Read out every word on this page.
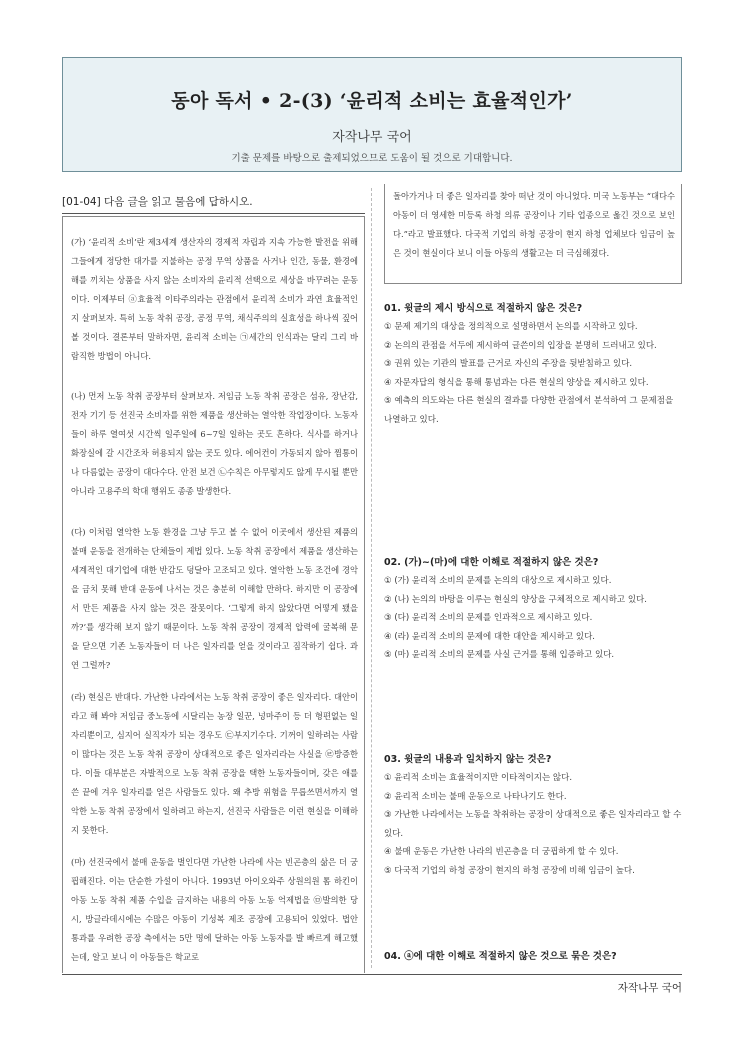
동아 독서 • 2-(3) ‘윤리적 소비는 효율적인가’
자작나무 국어
기출 문제를 바탕으로 출제되었으므로 도움이 될 것으로 기대합니다.
[01-04] 다음 글을 읽고 물음에 답하시오.

(가) ‘윤리적 소비’란 제3세계 생산자의 경제적 자립과 지속 가능한 발전을 위해 그들에게 정당한 대가를 지불하는 공정 무역 상품을 사거나 인간, 동물, 환경에 해를 끼치는 상품을 사지 않는 소비자의 윤리적 선택으로 세상을 바꾸려는 운동이다. 이제부터 ⓐ효율적 이타주의라는 관점에서 윤리적 소비가 과연 효율적인지 살펴보자. 특히 노동 착취 공장, 공정 무역, 채식주의의 실효성을 하나씩 짚어 볼 것이다. 결론부터 말하자면, 윤리적 소비는 ㉠세간의 인식과는 달리 그리 바람직한 방법이 아니다.

(나) 먼저 노동 착취 공장부터 살펴보자. 저임금 노동 착취 공장은 섬유, 장난감, 전자 기기 등 선진국 소비자를 위한 제품을 생산하는 열악한 작업장이다. 노동자들이 하루 열여섯 시간씩 일주일에 6~7일 일하는 곳도 흔하다. 식사를 하거나 화장실에 갈 시간조차 허용되지 않는 곳도 있다. 에어컨이 가동되지 않아 찜통이나 다름없는 공장이 대다수다. 안전 보건 ㉡수칙은 아무렇지도 않게 무시될 뿐만 아니라 고용주의 학대 행위도 종종 발생한다.

(다) 이처럼 열악한 노동 환경을 그냥 두고 볼 수 없어 이곳에서 생산된 제품의 불매 운동을 전개하는 단체들이 제법 있다. 노동 착취 공장에서 제품을 생산하는 세계적인 대기업에 대한 반감도 덩달아 고조되고 있다. 열악한 노동 조건에 경악을 금치 못해 반대 운동에 나서는 것은 충분히 이해할 만하다. 하지만 이 공장에서 만든 제품을 사지 않는 것은 잘못이다. ‘그렇게 하지 않았다면 어떻게 됐을까?’를 생각해 보지 않기 때문이다. 노동 착취 공장이 경제적 압력에 굴복해 문을 닫으면 기존 노동자들이 더 나은 일자리를 얻을 것이라고 짐작하기 쉽다. 과연 그럴까?

(라) 현실은 반대다. 가난한 나라에서는 노동 착취 공장이 좋은 일자리다. 대안이라고 해 봐야 저임금 중노동에 시달리는 농장 일꾼, 넝마주이 등 더 형편없는 일자리뿐이고, 심지어 실직자가 되는 경우도 ㉢부지기수다. 기꺼이 일하려는 사람이 많다는 것은 노동 착취 공장이 상대적으로 좋은 일자리라는 사실을 ㉣방증한다. 이들 대부분은 자발적으로 노동 착취 공장을 택한 노동자들이며, 갖은 애를 쓴 끝에 겨우 일자리를 얻은 사람들도 있다. 왜 추방 위험을 무릅쓰면서까지 열악한 노동 착취 공장에서 일하려고 하는지, 선진국 사람들은 이런 현실을 이해하지 못한다.

(마) 선진국에서 불매 운동을 벌인다면 가난한 나라에 사는 빈곤층의 삶은 더 궁핍해진다. 이는 단순한 가설이 아니다. 1993년 아이오와주 상원의원 톰 하킨이 아동 노동 착취 제품 수입을 금지하는 내용의 아동 노동 억제법을 ㉤발의한 당시, 방글라데시에는 수많은 아동이 기성복 제조 공장에 고용되어 있었다. 법안 통과를 우려한 공장 측에서는 5만 명에 달하는 아동 노동자를 발 빠르게 해고했는데, 알고 보니 이 아동들은 학교로

돌아가거나 더 좋은 일자리를 찾아 떠난 것이 아니었다. 미국 노동부는 “대다수 아동이 더 영세한 미등록 하청 의류 공장이나 기타 업종으로 옮긴 것으로 보인다.”라고 발표했다. 다국적 기업의 하청 공장이 현지 하청 업체보다 임금이 높은 것이 현실이다 보니 이들 아동의 생활고는 더 극심해졌다.

01. 윗글의 제시 방식으로 적절하지 않은 것은?

① 문제 제기의 대상을 정의적으로 설명하면서 논의를 시작하고 있다.

② 논의의 관점을 서두에 제시하여 글쓴이의 입장을 분명히 드러내고 있다.

③ 권위 있는 기관의 발표를 근거로 자신의 주장을 뒷받침하고 있다.

④ 자문자답의 형식을 통해 통념과는 다른 현실의 양상을 제시하고 있다.

⑤ 예측의 의도와는 다른 현실의 결과를 다양한 관점에서 분석하여 그 문제점을 나열하고 있다.

02. (가)~(마)에 대한 이해로 적절하지 않은 것은?

① (가) 윤리적 소비의 문제를 논의의 대상으로 제시하고 있다.

② (나) 논의의 바탕을 이루는 현실의 양상을 구체적으로 제시하고 있다.

③ (다) 윤리적 소비의 문제를 인과적으로 제시하고 있다.

④ (라) 윤리적 소비의 문제에 대한 대안을 제시하고 있다.

⑤ (마) 윤리적 소비의 문제를 사실 근거를 통해 입증하고 있다.

03. 윗글의 내용과 일치하지 않는 것은?

① 윤리적 소비는 효율적이지만 이타적이지는 않다.

② 윤리적 소비는 불매 운동으로 나타나기도 한다.

③ 가난한 나라에서는 노동을 착취하는 공장이 상대적으로 좋은 일자리라고 할 수 있다.

④ 불매 운동은 가난한 나라의 빈곤층을 더 궁핍하게 할 수 있다.

⑤ 다국적 기업의 하청 공장이 현지의 하청 공장에 비해 임금이 높다.

04. ⓐ에 대한 이해로 적절하지 않은 것으로 묶은 것은?

자작나무 국어
